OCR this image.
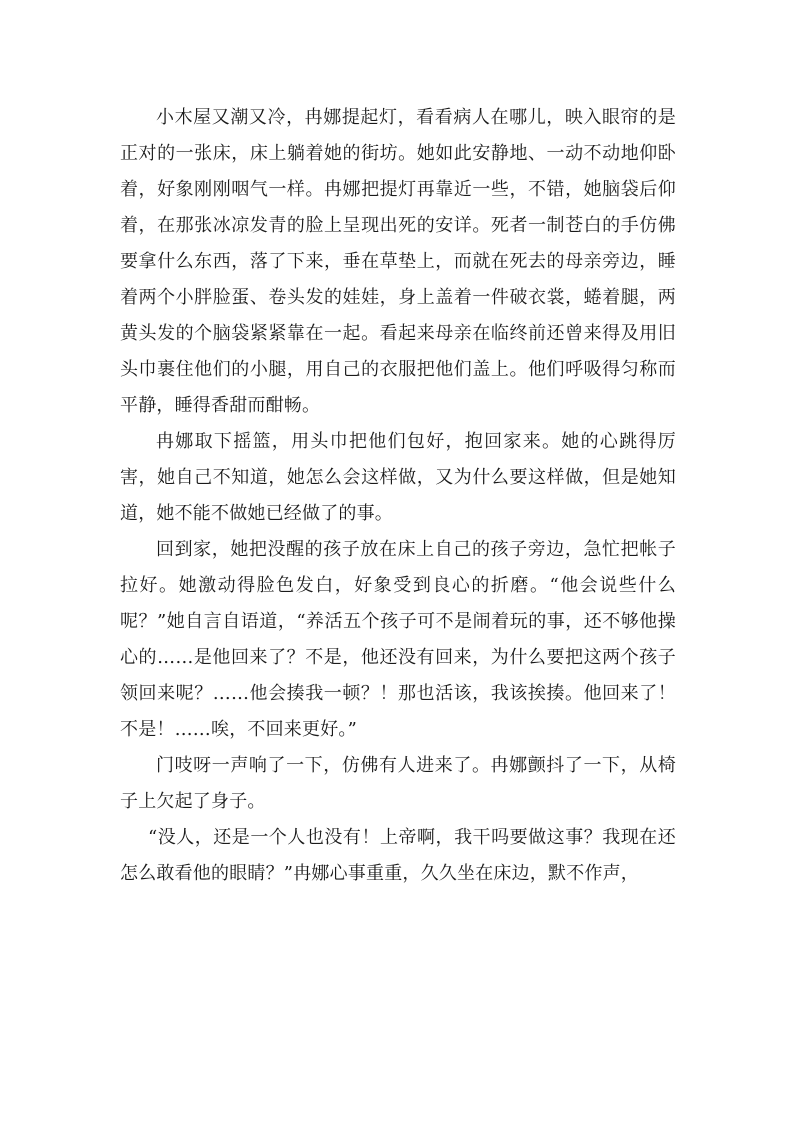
小木屋又潮又冷，冉娜提起灯，看看病人在哪儿，映入眼帘的是正对的一张床，床上躺着她的街坊。她如此安静地、一动不动地仰卧着，好象刚刚咽气一样。冉娜把提灯再靠近一些，不错，她脑袋后仰着，在那张冰凉发青的脸上呈现出死的安详。死者一制苍白的手仿佛要拿什么东西，落了下来，垂在草垫上，而就在死去的母亲旁边，睡着两个小胖脸蛋、卷头发的娃娃，身上盖着一件破衣裳，蜷着腿，两黄头发的个脑袋紧紧靠在一起。看起来母亲在临终前还曾来得及用旧头巾裹住他们的小腿，用自己的衣服把他们盖上。他们呼吸得匀称而平静，睡得香甜而酣畅。

冉娜取下摇篮，用头巾把他们包好，抱回家来。她的心跳得厉害，她自己不知道，她怎么会这样做，又为什么要这样做，但是她知道，她不能不做她已经做了的事。

回到家，她把没醒的孩子放在床上自己的孩子旁边，急忙把帐子拉好。她激动得脸色发白，好象受到良心的折磨。“他会说些什么呢？”她自言自语道，“养活五个孩子可不是闹着玩的事，还不够他操心的……是他回来了？不是，他还没有回来，为什么要把这两个孩子领回来呢？……他会揍我一顿？！那也活该，我该挨揍。他回来了！不是！……唉，不回来更好。”

门吱呀一声响了一下，仿佛有人进来了。冉娜颤抖了一下，从椅子上欠起了身子。

“没人，还是一个人也没有！上帝啊，我干吗要做这事？我现在还怎么敢看他的眼睛？”冉娜心事重重，久久坐在床边，默不作声，
